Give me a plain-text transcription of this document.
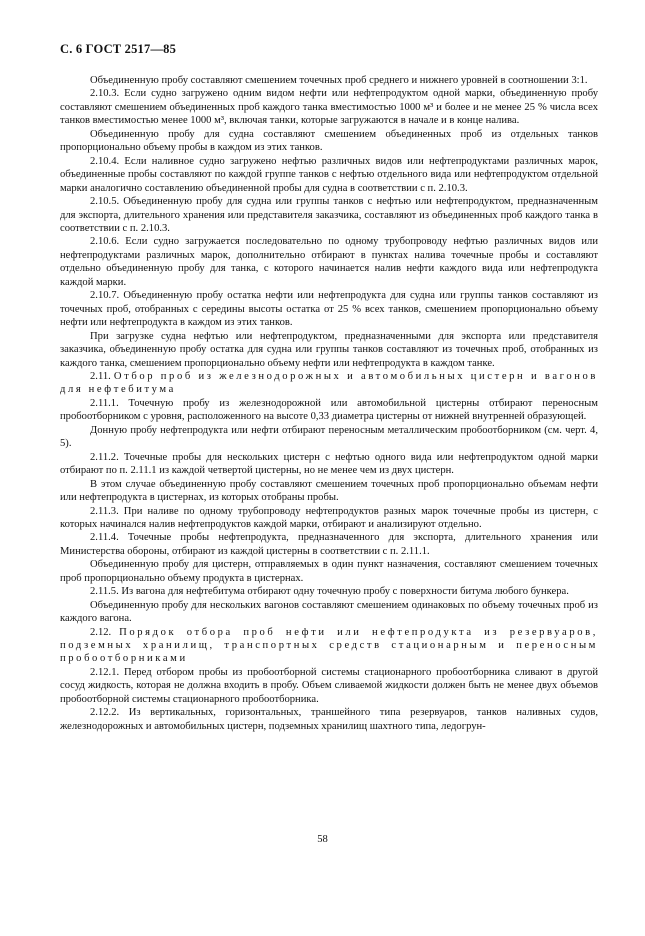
С. 6 ГОСТ 2517—85

Объединенную пробу составляют смешением точечных проб среднего и нижнего уровней в соотношении 3:1.

2.10.3. Если судно загружено одним видом нефти или нефтепродуктом одной марки, объединенную пробу составляют смешением объединенных проб каждого танка вместимостью 1000 м³ и более и не менее 25 % числа всех танков вместимостью менее 1000 м³, включая танки, которые загружаются в начале и в конце налива.

Объединенную пробу для судна составляют смешением объединенных проб из отдельных танков пропорционально объему пробы в каждом из этих танков.

2.10.4. Если наливное судно загружено нефтью различных видов или нефтепродуктами различных марок, объединенные пробы составляют по каждой группе танков с нефтью отдельного вида или нефтепродуктом отдельной марки аналогично составлению объединенной пробы для судна в соответствии с п. 2.10.3.

2.10.5. Объединенную пробу для судна или группы танков с нефтью или нефтепродуктом, предназначенным для экспорта, длительного хранения или представителя заказчика, составляют из объединенных проб каждого танка в соответствии с п. 2.10.3.

2.10.6. Если судно загружается последовательно по одному трубопроводу нефтью различных видов или нефтепродуктами различных марок, дополнительно отбирают в пунктах налива точечные пробы и составляют отдельно объединенную пробу для танка, с которого начинается налив нефти каждого вида или нефтепродукта каждой марки.

2.10.7. Объединенную пробу остатка нефти или нефтепродукта для судна или группы танков составляют из точечных проб, отобранных с середины высоты остатка от 25 % всех танков, смешением пропорционально объему нефти или нефтепродукта в каждом из этих танков.

При загрузке судна нефтью или нефтепродуктом, предназначенными для экспорта или представителя заказчика, объединенную пробу остатка для судна или группы танков составляют из точечных проб, отобранных из каждого танка, смешением пропорционально объему нефти или нефтепродукта в каждом танке.

2.11. Отбор проб из железнодорожных и автомобильных цистерн и вагонов для нефтебитума

2.11.1. Точечную пробу из железнодорожной или автомобильной цистерны отбирают переносным пробоотборником с уровня, расположенного на высоте 0,33 диаметра цистерны от нижней внутренней образующей.

Донную пробу нефтепродукта или нефти отбирают переносным металлическим пробоотборником (см. черт. 4, 5).

2.11.2. Точечные пробы для нескольких цистерн с нефтью одного вида или нефтепродуктом одной марки отбирают по п. 2.11.1 из каждой четвертой цистерны, но не менее чем из двух цистерн.

В этом случае объединенную пробу составляют смешением точечных проб пропорционально объемам нефти или нефтепродукта в цистернах, из которых отобраны пробы.

2.11.3. При наливе по одному трубопроводу нефтепродуктов разных марок точечные пробы из цистерн, с которых начинался налив нефтепродуктов каждой марки, отбирают и анализируют отдельно.

2.11.4. Точечные пробы нефтепродукта, предназначенного для экспорта, длительного хранения или Министерства обороны, отбирают из каждой цистерны в соответствии с п. 2.11.1.

Объединенную пробу для цистерн, отправляемых в один пункт назначения, составляют смешением точечных проб пропорционально объему продукта в цистернах.

2.11.5. Из вагона для нефтебитума отбирают одну точечную пробу с поверхности битума любого бункера.

Объединенную пробу для нескольких вагонов составляют смешением одинаковых по объему точечных проб из каждого вагона.

2.12. Порядок отбора проб нефти или нефтепродукта из резервуаров, подземных хранилищ, транспортных средств стационарным и переносным пробоотборниками

2.12.1. Перед отбором пробы из пробоотборной системы стационарного пробоотборника сливают в другой сосуд жидкость, которая не должна входить в пробу. Объем сливаемой жидкости должен быть не менее двух объемов пробоотборной системы стационарного пробоотборника.

2.12.2. Из вертикальных, горизонтальных, траншейного типа резервуаров, танков наливных судов, железнодорожных и автомобильных цистерн, подземных хранилищ шахтного типа, ледогрун-

58
